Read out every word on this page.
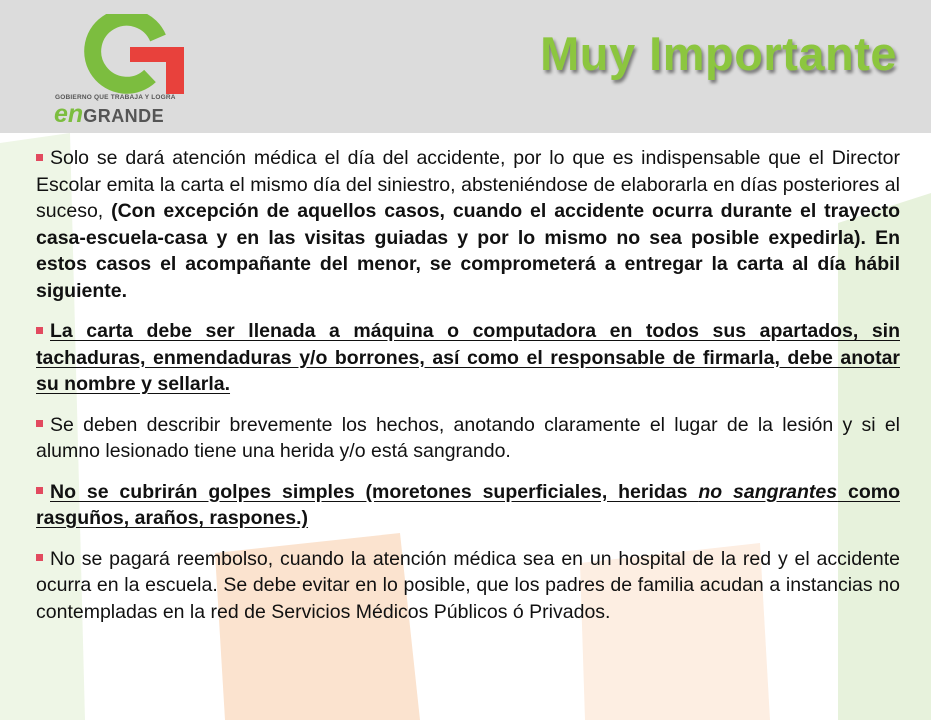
GOBIERNO QUE TRABAJA Y LOGRA
enGRANDE
Muy Importante
Solo se dará atención médica el día del accidente, por lo que es indispensable que el Director Escolar emita la carta el mismo día del siniestro, absteniéndose de elaborarla en días posteriores al suceso, (Con excepción de aquellos casos, cuando el accidente ocurra durante el trayecto casa-escuela-casa y en las visitas guiadas y por lo mismo no sea posible expedirla). En estos casos el acompañante del menor, se comprometerá a entregar la carta al día hábil siguiente.
La carta debe ser llenada a máquina o computadora en todos sus apartados, sin tachaduras, enmendaduras y/o borrones, así como el responsable de firmarla, debe anotar su nombre y sellarla.
Se deben describir brevemente los hechos, anotando claramente el lugar de la lesión y si el alumno lesionado tiene una herida y/o está sangrando.
No se cubrirán golpes simples (moretones superficiales, heridas no sangrantes como rasguños, araños, raspones.)
No se pagará reembolso, cuando la atención médica sea en un hospital de la red y el accidente ocurra en la escuela. Se debe evitar en lo posible, que los padres de familia acudan a instancias no contempladas en la red de Servicios Médicos Públicos ó Privados.
